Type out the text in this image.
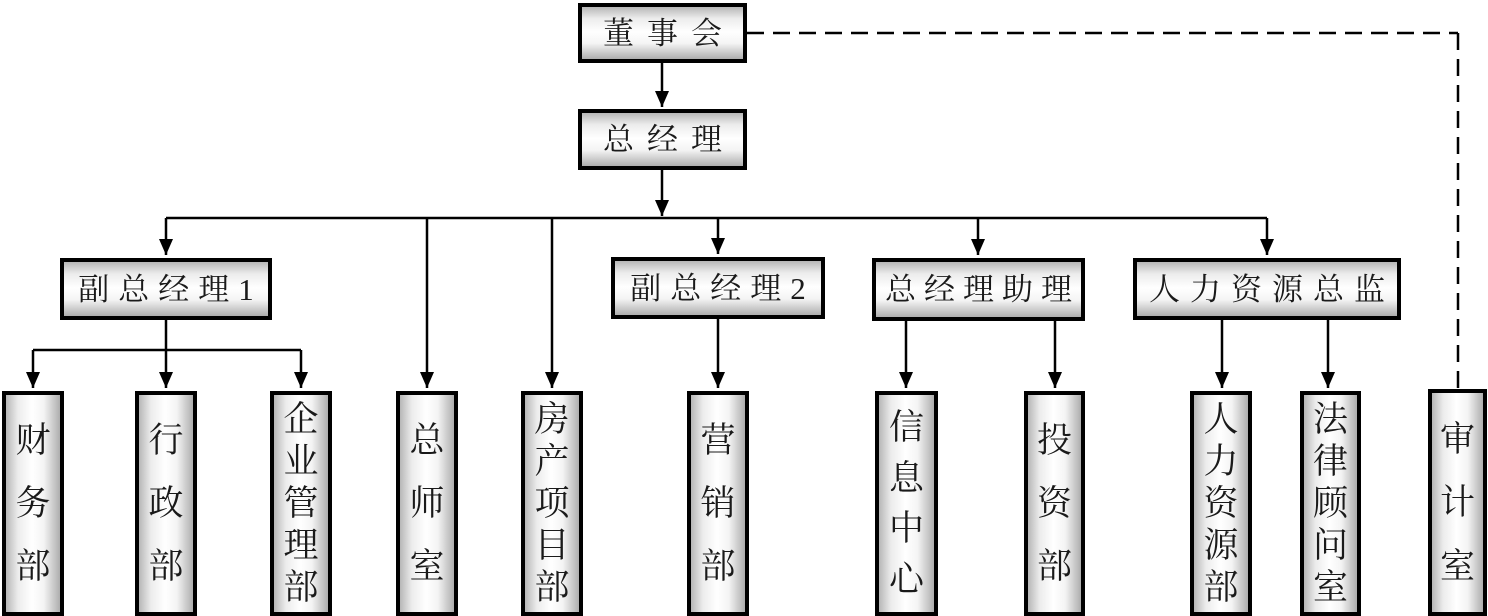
董事会
总经理
副总经理1	副总经理2 总经理助理 人力资源总监
财
务
部
行
政
部
企
业
管
理
部
总
师
室
房
产
项
目
部
营
销
部
信
息
中
心
投
资
部
人
力
资
源
部
法
律
顾
问
室
审
计
室
